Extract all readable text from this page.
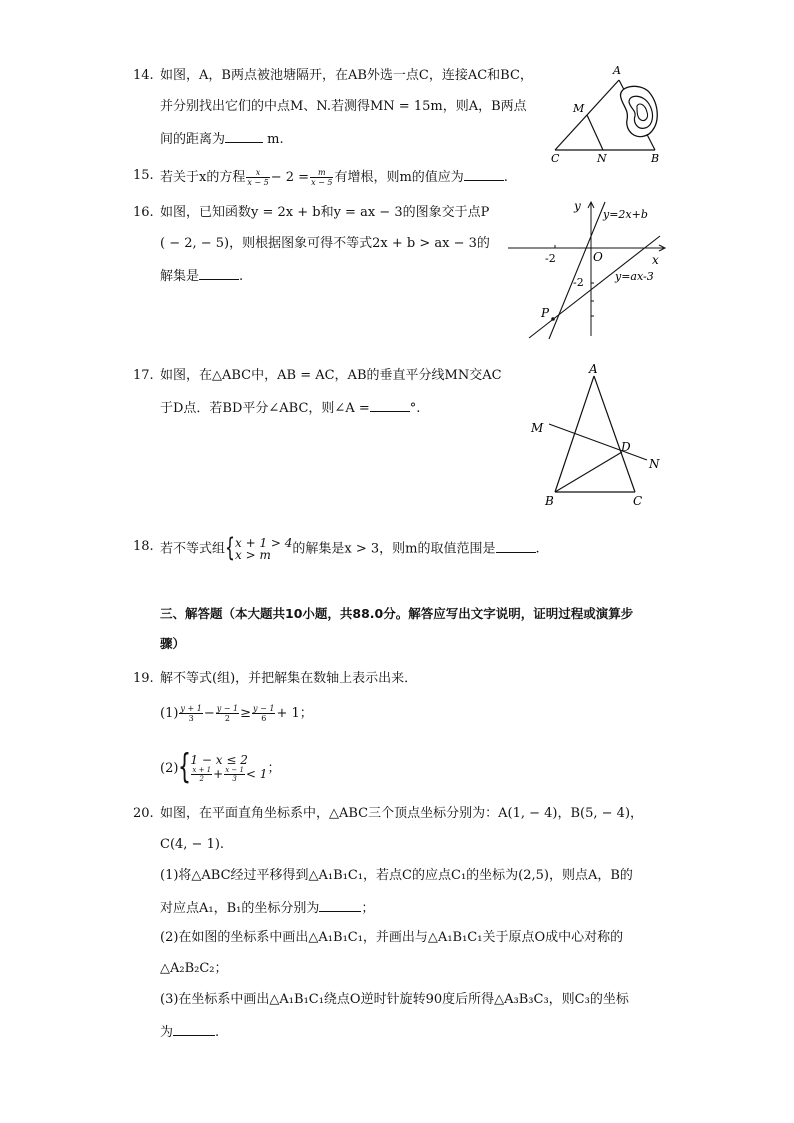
14. 如图，A，B两点被池塘隔开，在AB外选一点C，连接AC和BC，
并分别找出它们的中点M、N.若测得MN = 15m，则A，B两点
间的距离为	m.
A
M
C	N	B
15. 若关于x的方程 $\frac{x}{x - 5} - 2 = \frac{m}{x - 5}$ 有增根，则m的值应为	.
16. 如图，已知函数y = 2x + b和y = ax − 3的图象交于点P
( − 2, − 5)，则根据图象可得不等式2x + b > ax − 3的
解集是	.
y
x
O
-2
-2
P
y=2x+b
y=ax-3
17. 如图，在△ABC中，AB = AC，AB的垂直平分线MN交AC
于D点．若BD平分∠ABC，则∠A =	°.
A
M
D
N
B	C
18. 若不等式组 { x + 1 > 4
x > m	的解集是x > 3，则m的取值范围是	.
三、解答题（本大题共10小题，共88.0分。解答应写出文字说明，证明过程或演算步
骤）
19. 解不等式(组)，并把解集在数轴上表示出来．
$(1) \frac{y + 1}{3} - \frac{y - 1}{2} \ge \frac{y - 1}{6} + 1$；
(2) { 1 − x ≤ 2
$\frac{x + 1}{2} + \frac{x - 1}{3} < 1$ ；
20. 如图，在平面直角坐标系中，△ABC三个顶点坐标分别为：A(1, − 4)，B(5, − 4)，
C(4, − 1).
(1)将△ABC经过平移得到△A₁B₁C₁，若点C的应点C₁的坐标为(2,5)，则点A，B的
对应点A₁，B₁的坐标分别为	；
(2)在如图的坐标系中画出△A₁B₁C₁，并画出与△A₁B₁C₁关于原点O成中心对称的
△A₂B₂C₂；
(3)在坐标系中画出△A₁B₁C₁绕点O逆时针旋转90度后所得△A₃B₃C₃，则C₃的坐标
为	.
